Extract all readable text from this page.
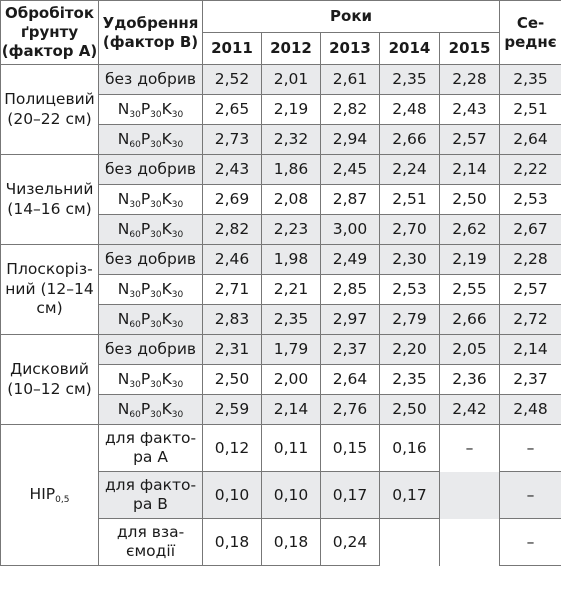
Обробіток ґрунту (фактор А)	Удобрення (фактор В)	Роки					Се-реднє
		2011	2012	2013	2014	2015	
Полицевий (20–22 см)	без добрив	2,52	2,01	2,61	2,35	2,28	2,35
	$N_{30}P_{30}K_{30}$	2,65	2,19	2,82	2,48	2,43	2,51
	$N_{60}P_{30}K_{30}$	2,73	2,32	2,94	2,66	2,57	2,64
Чизельний (14–16 см)	без добрив	2,43	1,86	2,45	2,24	2,14	2,22
	$N_{30}P_{30}K_{30}$	2,69	2,08	2,87	2,51	2,50	2,53
	$N_{60}P_{30}K_{30}$	2,82	2,23	3,00	2,70	2,62	2,67
Плоскоріз-ний (12–14 см)	без добрив	2,46	1,98	2,49	2,30	2,19	2,28
	$N_{30}P_{30}K_{30}$	2,71	2,21	2,85	2,53	2,55	2,57
	$N_{60}P_{30}K_{30}$	2,83	2,35	2,97	2,79	2,66	2,72
Дисковий (10–12 см)	без добрив	2,31	1,79	2,37	2,20	2,05	2,14
	$N_{30}P_{30}K_{30}$	2,50	2,00	2,64	2,35	2,36	2,37
	$N_{60}P_{30}K_{30}$	2,59	2,14	2,76	2,50	2,42	2,48
$НІР_{0,5}$	для факто-ра А	0,12	0,11	0,15	0,16	–	–
	для факто-ра В	0,10	0,10	0,17	0,17		–
	для вза-ємодії	0,18	0,18	0,24			–
